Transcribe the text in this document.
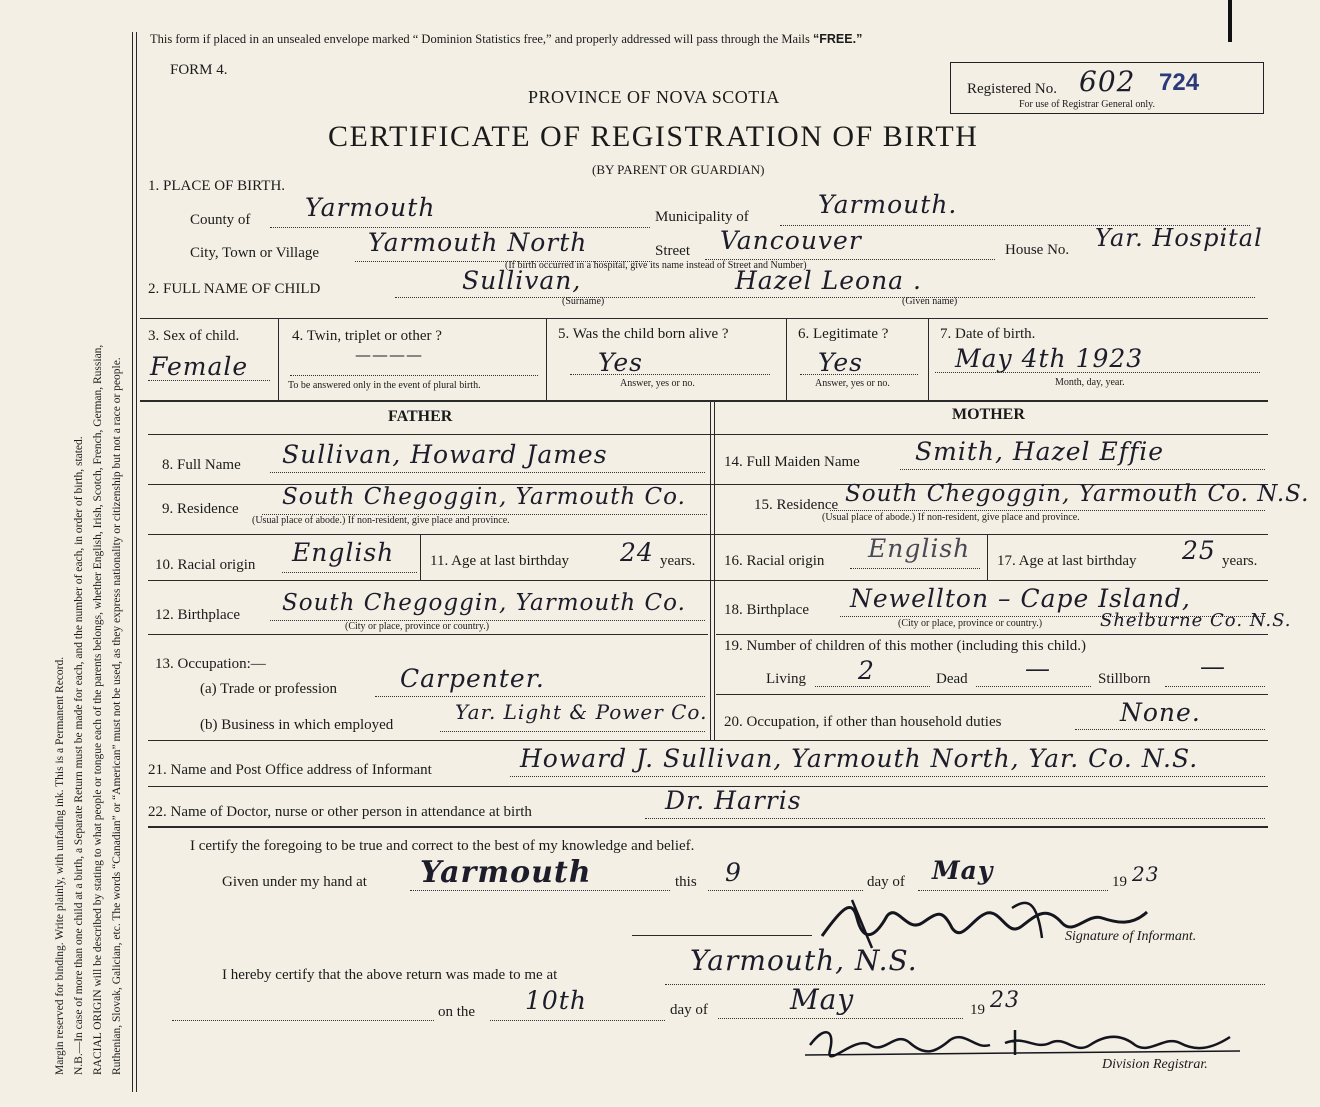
Margin reserved for binding. Write plainly, with unfading ink. This is a Permanent Record. N.B.—In case of more than one child at a birth, a Separate Return must be made for each, and the number of each, in order of birth, stated. RACIAL ORIGIN will be described by stating to what people or tongue each of the parents belongs, whether English, Irish, Scotch, French, German, Russian, Ruthenian, Slovak, Galician, etc. The words “Canadian” or “American” must not be used, as they express nationality or citizenship but not a race or people.
This form if placed in an unsealed envelope marked “ Dominion Statistics free,” and properly addressed will pass through the Mails “FREE.”
FORM 4.
PROVINCE OF NOVA SCOTIA
CERTIFICATE OF REGISTRATION OF BIRTH
(BY PARENT OR GUARDIAN)
Registered No. 602 724
For use of Registrar General only.
1. PLACE OF BIRTH.
County of Yarmouth	Municipality of	Yarmouth.
City, Town or Village Yarmouth North	Street Vancouver	House No. Yar. Hospital
(If birth occurred in a hospital, give its name instead of Street and Number)
2. FULL NAME OF CHILD	Sullivan,	Hazel Leona .
(Surname)	(Given name)
3. Sex of child.
Female
4. Twin, triplet or other ?
————
To be answered only in the event of plural birth.
5. Was the child born alive ?
Yes
Answer, yes or no.
6. Legitimate ?
Yes
Answer, yes or no.
7. Date of birth.
May 4th 1923
Month, day, year.
FATHER	MOTHER
8. Full Name Sullivan, Howard James	14. Full Maiden Name Smith, Hazel Effie
9. Residence South Chegoggin, Yarmouth Co.
(Usual place of abode.) If non-resident, give place and province.
15. Residence South Chegoggin, Yarmouth Co. N.S.
(Usual place of abode.) If non-resident, give place and province.
10. Racial origin English 11. Age at last birthday 24 years. 16. Racial origin English 17. Age at last birthday 25 years.
12. Birthplace South Chegoggin, Yarmouth Co.
(City or place, province or country.)
18. Birthplace Newellton – Cape Island,
(City or place, province or country.)	Shelburne Co. N.S.
13. Occupation:—
(a) Trade or profession	Carpenter.
(b) Business in which employed
Yar. Light & Power Co.
19. Number of children of this mother (including this child.)
Living 2	Dead —	Stillborn —
20. Occupation, if other than household duties	None.
21. Name and Post Office address of Informant	Howard J. Sullivan, Yarmouth North, Yar. Co. N.S.
22. Name of Doctor, nurse or other person in attendance at birth	Dr. Harris
I certify the foregoing to be true and correct to the best of my knowledge and belief.
Given under my hand at Yarmouth	this 9	day of May	19 23
Signature of Informant.
I hereby certify that the above return was made to me at	Yarmouth, N.S.
on the 10th	day of	May	19 23
Division Registrar.
